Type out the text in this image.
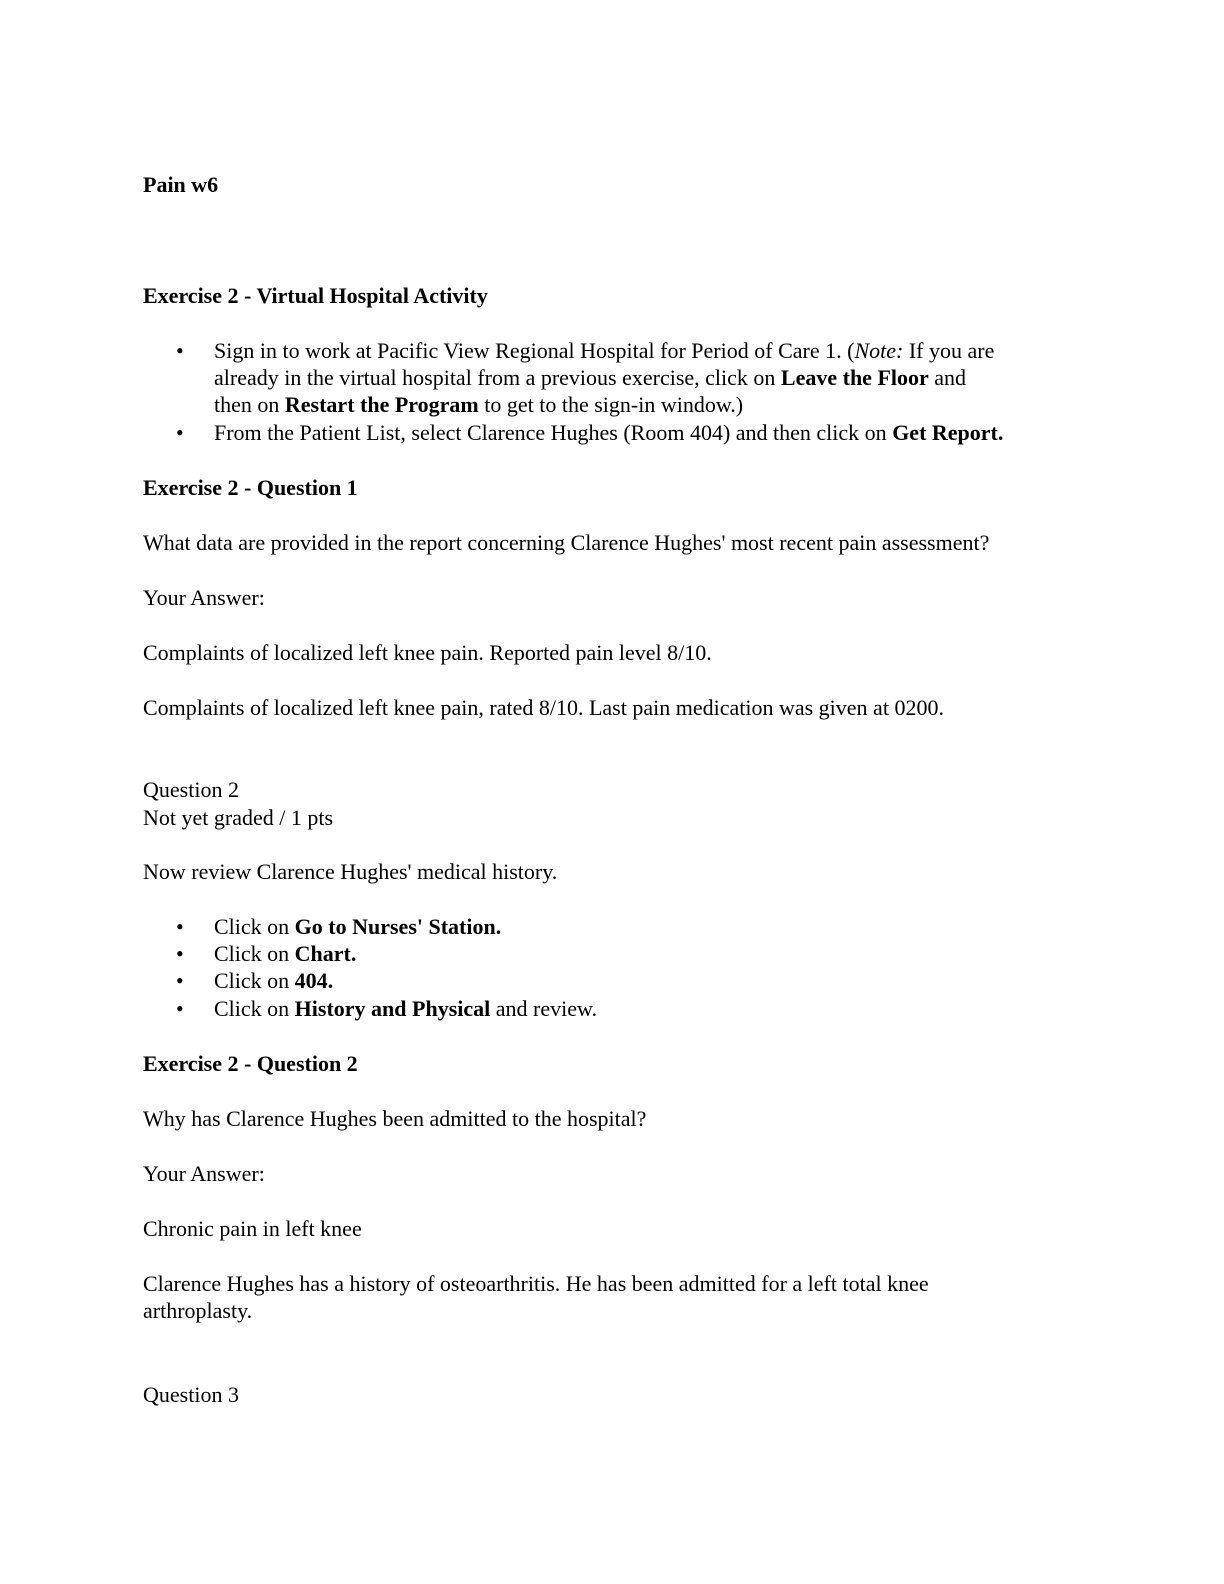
Pain w6
Exercise 2 - Virtual Hospital Activity
• Sign in to work at Pacific View Regional Hospital for Period of Care 1. (Note: If you are
already in the virtual hospital from a previous exercise, click on Leave the Floor and
then on Restart the Program to get to the sign-in window.)
• From the Patient List, select Clarence Hughes (Room 404) and then click on Get Report.
Exercise 2 - Question 1
What data are provided in the report concerning Clarence Hughes' most recent pain assessment?
Your Answer:
Complaints of localized left knee pain. Reported pain level 8/10.
Complaints of localized left knee pain, rated 8/10. Last pain medication was given at 0200.
Question 2
Not yet graded / 1 pts
Now review Clarence Hughes' medical history.
• Click on Go to Nurses' Station.
• Click on Chart.
• Click on 404.
• Click on History and Physical and review.
Exercise 2 - Question 2
Why has Clarence Hughes been admitted to the hospital?
Your Answer:
Chronic pain in left knee
Clarence Hughes has a history of osteoarthritis. He has been admitted for a left total knee
arthroplasty.
Question 3
